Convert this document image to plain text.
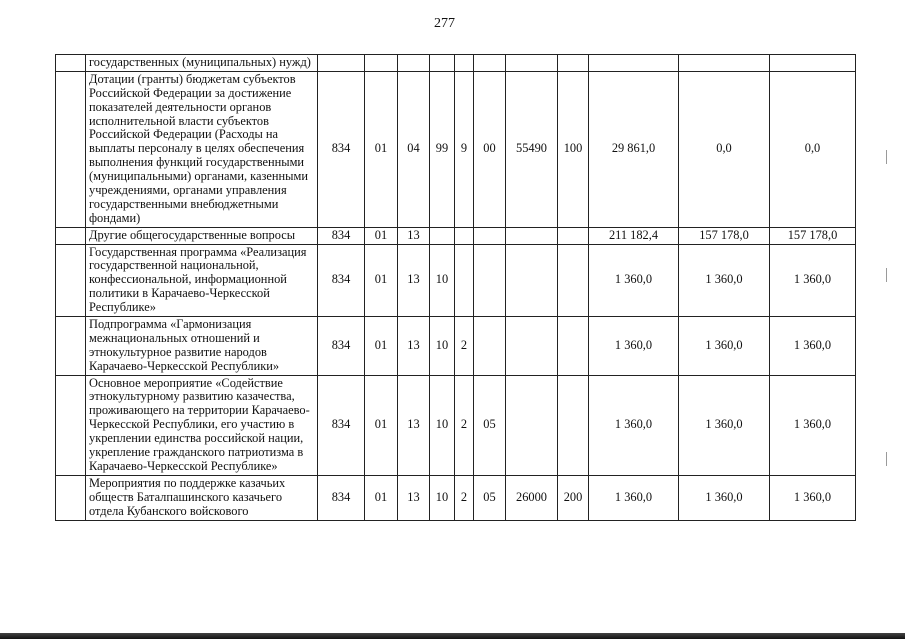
277
	государственных (муниципальных) нужд)											
	Дотации (гранты) бюджетам субъектов Российской Федерации за достижение показателей деятельности органов исполнительной власти субъектов Российской Федерации (Расходы на выплаты персоналу в целях обеспечения выполнения функций государственными (муниципальными) органами, казенными учреждениями, органами управления государственными внебюджетными фондами)	834	01	04	99	9	00	55490	100	29 861,0	0,0	0,0
	Другие общегосударственные вопросы	834	01	13						211 182,4	157 178,0	157 178,0
	Государственная программа «Реализация государственной национальной, конфессиональной, информационной политики в Карачаево-Черкесской Республике»	834	01	13	10					1 360,0	1 360,0	1 360,0
	Подпрограмма «Гармонизация межнациональных отношений и этнокультурное развитие народов Карачаево-Черкесской Республики»	834	01	13	10	2				1 360,0	1 360,0	1 360,0
	Основное мероприятие «Содействие этнокультурному развитию казачества, проживающего на территории Карачаево-Черкесской Республики, его участию в укреплении единства российской нации, укрепление гражданского патриотизма в Карачаево-Черкесской Республике»	834	01	13	10	2	05			1 360,0	1 360,0	1 360,0
	Мероприятия по поддержке казачьих обществ Баталпашинского казачьего отдела Кубанского войскового	834	01	13	10	2	05	26000	200	1 360,0	1 360,0	1 360,0
